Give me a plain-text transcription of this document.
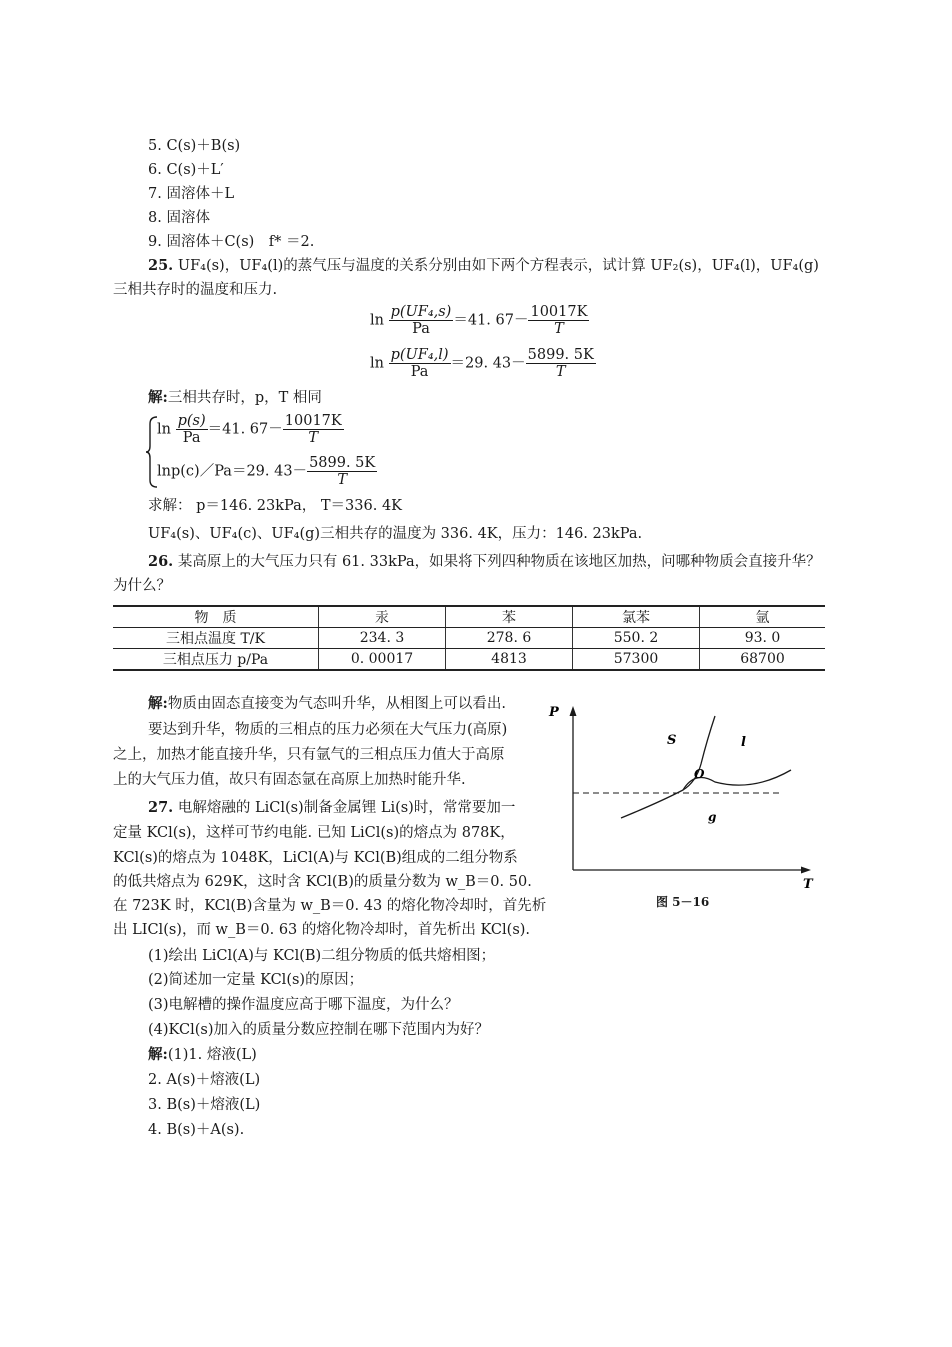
5. C(s)＋B(s)
6. C(s)＋L′
7. 固溶体＋L
8. 固溶体
9. 固溶体＋C(s)　f* ＝2.
25. UF₄(s)，UF₄(l)的蒸气压与温度的关系分别由如下两个方程表示，试计算 UF₂(s)，UF₄(l)，UF₄(g)
三相共存时的温度和压力.
$\ln \frac{\text{p(UF₄,s)}}{Pa} =41$. $67- \frac{10017K}{T}$
$\ln \frac{\text{p(UF₄,l)}}{Pa} =29$. $43- \frac{5899. 5K}{T}$
解:三相共存时，p，T 相同
$\ln \frac{p(s)}{Pa} =41$. $67- \frac{10017K}{T}$
lnp(c)／Pa＝29. $43- \frac{5899. 5K}{T}$
求解： p＝146. 23kPa， T＝336. 4K
UF₄(s)、UF₄(c)、UF₄(g)三相共存的温度为 336. 4K，压力：146. 23kPa.
26. 某高原上的大气压力只有 61. 33kPa，如果将下列四种物质在该地区加热，问哪种物质会直接升华？
为什么？
物　质	汞	苯	氯苯	氩
三相点温度 T/K	234. 3	278. 6	550. 2	93. 0
三相点压力 p/Pa	0. 00017	4813	57300	68700
解:物质由固态直接变为气态叫升华，从相图上可以看出.
要达到升华，物质的三相点的压力必须在大气压力(高原)
之上，加热才能直接升华，只有氩气的三相点压力值大于高原
上的大气压力值，故只有固态氩在高原上加热时能升华.
P
T
S	l
O
g
图 5－16
27. 电解熔融的 LiCl(s)制备金属锂 Li(s)时，常常要加一
定量 KCl(s)，这样可节约电能. 已知 LiCl(s)的熔点为 878K，
KCl(s)的熔点为 1048K，LiCl(A)与 KCl(B)组成的二组分物系
的低共熔点为 629K，这时含 KCl(B)的质量分数为 w_B＝0. 50.
在 723K 时，KCl(B)含量为 w_B＝0. 43 的熔化物冷却时，首先析
出 LICl(s)，而 w_B＝0. 63 的熔化物冷却时，首先析出 KCl(s).
(1)绘出 LiCl(A)与 KCl(B)二组分物质的低共熔相图；
(2)简述加一定量 KCl(s)的原因；
(3)电解槽的操作温度应高于哪下温度，为什么？
(4)KCl(s)加入的质量分数应控制在哪下范围内为好？
解:(1)1. 熔液(L)
2. A(s)＋熔液(L)
3. B(s)＋熔液(L)
4. B(s)＋A(s).
